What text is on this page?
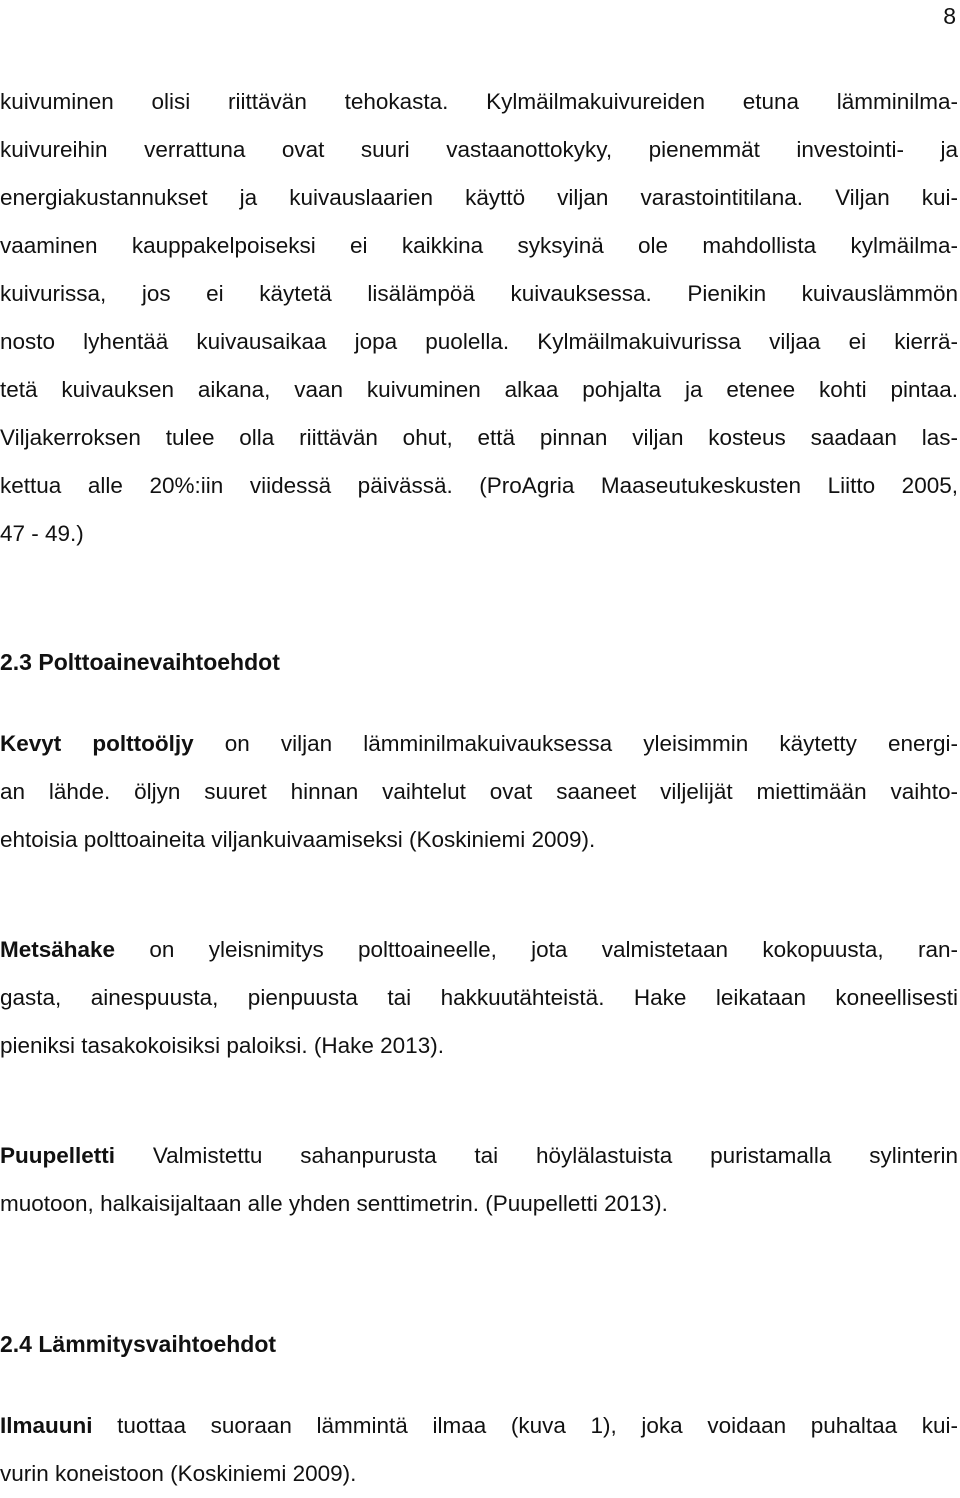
8
kuivuminen olisi riittävän tehokasta. Kylmäilmakuivureiden etuna lämminilma-
kuivureihin verrattuna ovat suuri vastaanottokyky, pienemmät investointi- ja
energiakustannukset ja kuivauslaarien käyttö viljan varastointitilana. Viljan kui-
vaaminen kauppakelpoiseksi ei kaikkina syksyinä ole mahdollista kylmäilma-
kuivurissa, jos ei käytetä lisälämpöä kuivauksessa. Pienikin kuivauslämmön
nosto lyhentää kuivausaikaa jopa puolella. Kylmäilmakuivurissa viljaa ei kierrä-
tetä kuivauksen aikana, vaan kuivuminen alkaa pohjalta ja etenee kohti pintaa.
Viljakerroksen tulee olla riittävän ohut, että pinnan viljan kosteus saadaan las-
kettua alle 20%:iin viidessä päivässä. (ProAgria Maaseutukeskusten Liitto 2005,
47 - 49.)
2.3 Polttoainevaihtoehdot
Kevyt polttoöljy on viljan lämminilmakuivauksessa yleisimmin käytetty energi-
an lähde. öljyn suuret hinnan vaihtelut ovat saaneet viljelijät miettimään vaihto-
ehtoisia polttoaineita viljankuivaamiseksi (Koskiniemi 2009).
Metsähake on yleisnimitys polttoaineelle, jota valmistetaan kokopuusta, ran-
gasta, ainespuusta, pienpuusta tai hakkuutähteistä. Hake leikataan koneellisesti
pieniksi tasakokoisiksi paloiksi. (Hake 2013).
Puupelletti Valmistettu sahanpurusta tai höylälastuista puristamalla sylinterin
muotoon, halkaisijaltaan alle yhden senttimetrin. (Puupelletti 2013).
2.4 Lämmitysvaihtoehdot
Ilmauuni tuottaa suoraan lämmintä ilmaa (kuva 1), joka voidaan puhaltaa kui-
vurin koneistoon (Koskiniemi 2009).
